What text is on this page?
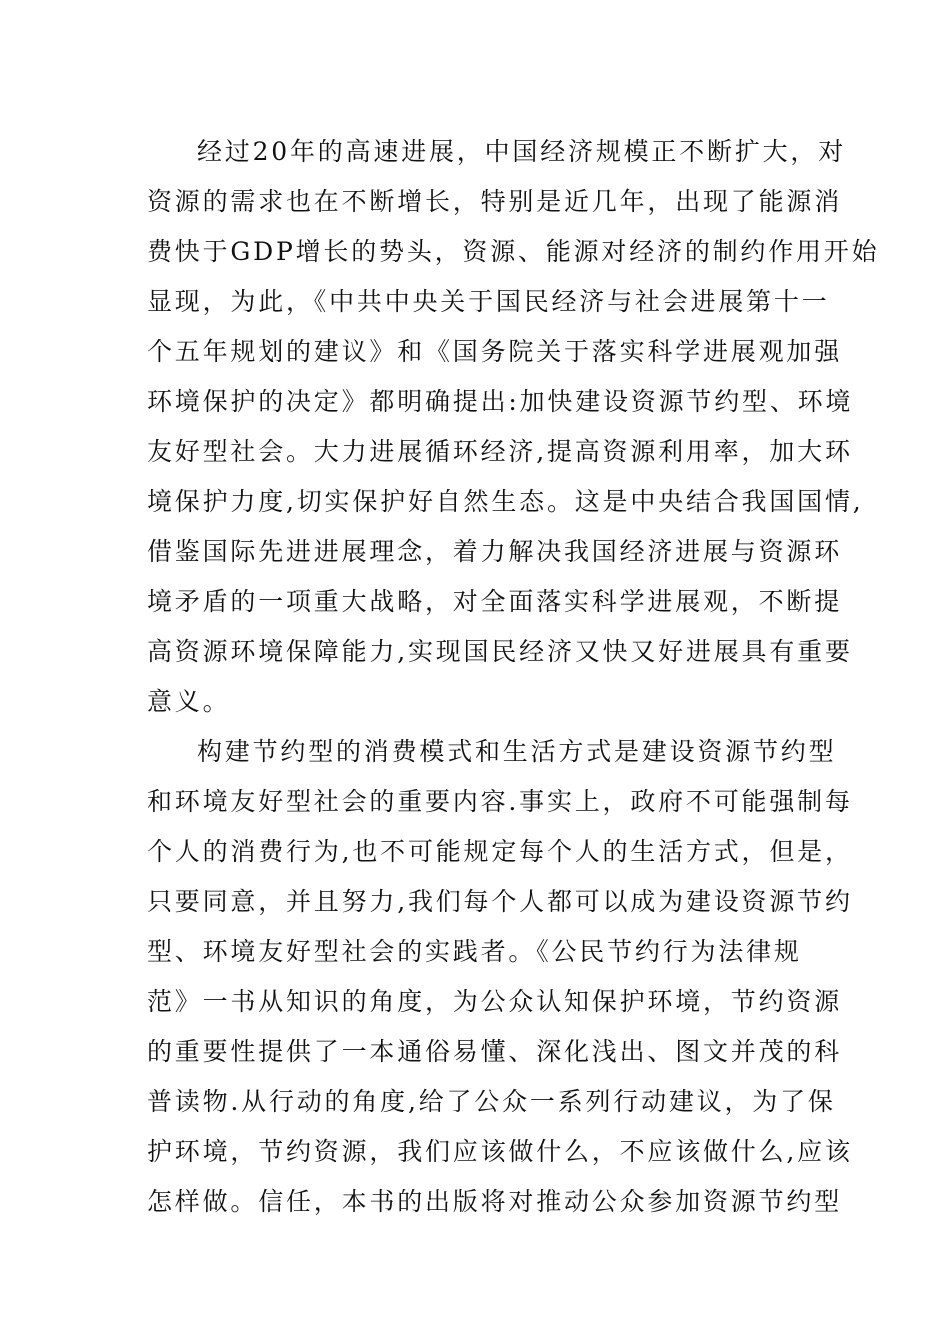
经过20年的高速进展，中国经济规模正不断扩大，对
资源的需求也在不断增长，特别是近几年，出现了能源消
费快于GDP增长的势头，资源、能源对经济的制约作用开始
显现，为此，《中共中央关于国民经济与社会进展第十一
个五年规划的建议》和《国务院关于落实科学进展观加强
环境保护的决定》都明确提出:加快建设资源节约型、环境
友好型社会。大力进展循环经济,提高资源利用率，加大环
境保护力度,切实保护好自然生态。这是中央结合我国国情,
借鉴国际先进进展理念，着力解决我国经济进展与资源环
境矛盾的一项重大战略，对全面落实科学进展观，不断提
高资源环境保障能力,实现国民经济又快又好进展具有重要
意义。
构建节约型的消费模式和生活方式是建设资源节约型
和环境友好型社会的重要内容.事实上，政府不可能强制每
个人的消费行为,也不可能规定每个人的生活方式，但是，
只要同意，并且努力,我们每个人都可以成为建设资源节约
型、环境友好型社会的实践者。《公民节约行为法律规
范》一书从知识的角度，为公众认知保护环境，节约资源
的重要性提供了一本通俗易懂、深化浅出、图文并茂的科
普读物.从行动的角度,给了公众一系列行动建议，为了保
护环境，节约资源，我们应该做什么，不应该做什么,应该
怎样做。信任，本书的出版将对推动公众参加资源节约型
